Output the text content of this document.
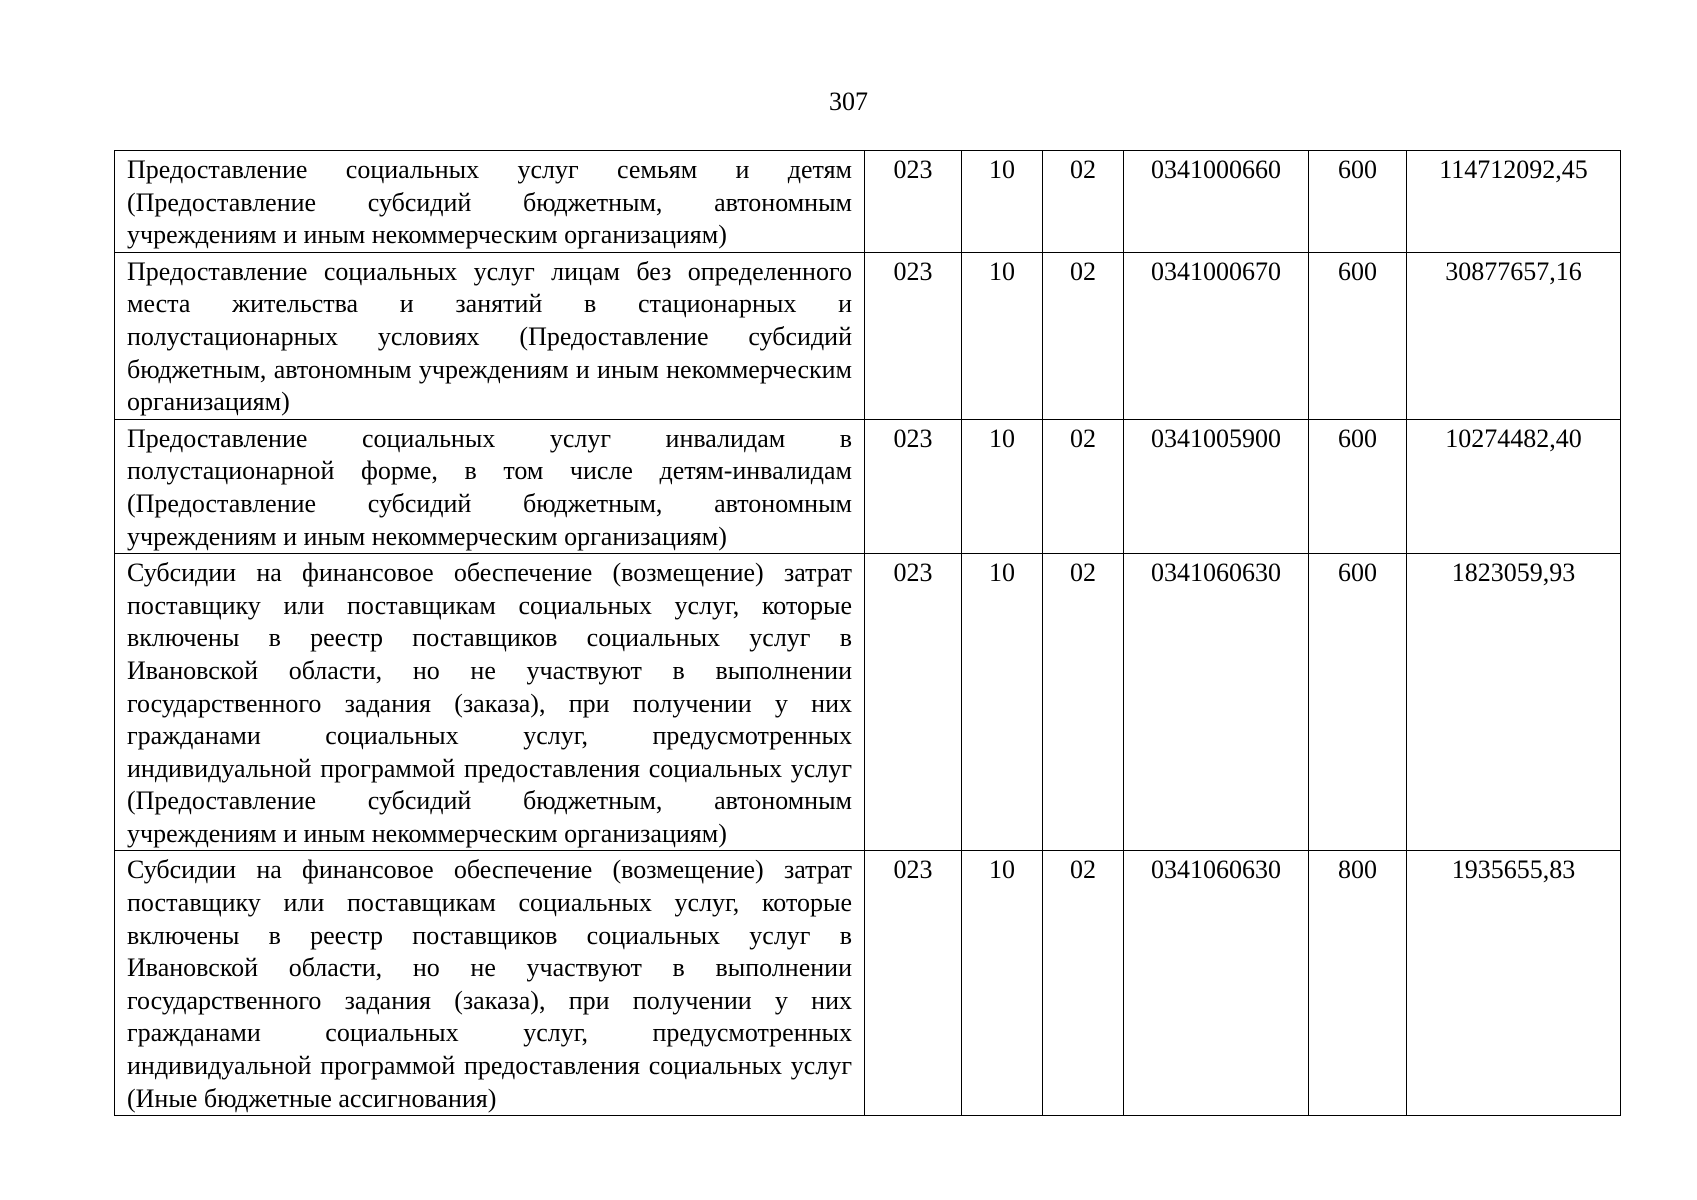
307
Предоставление социальных услуг семьям и детям (Предоставление субсидий бюджетным, автономным учреждениям и иным некоммерческим организациям)	023	10	02	0341000660	600	114712092,45
Предоставление социальных услуг лицам без определенного места жительства и занятий в стационарных и полустационарных условиях (Предоставление субсидий бюджетным, автономным учреждениям и иным некоммерческим организациям)	023	10	02	0341000670	600	30877657,16
Предоставление социальных услуг инвалидам в полустационарной форме, в том числе детям-инвалидам (Предоставление субсидий бюджетным, автономным учреждениям и иным некоммерческим организациям)	023	10	02	0341005900	600	10274482,40
Субсидии на финансовое обеспечение (возмещение) затрат поставщику или поставщикам социальных услуг, которые включены в реестр поставщиков социальных услуг в Ивановской области, но не участвуют в выполнении государственного задания (заказа), при получении у них гражданами социальных услуг, предусмотренных индивидуальной программой предоставления социальных услуг (Предоставление субсидий бюджетным, автономным учреждениям и иным некоммерческим организациям)	023	10	02	0341060630	600	1823059,93
Субсидии на финансовое обеспечение (возмещение) затрат поставщику или поставщикам социальных услуг, которые включены в реестр поставщиков социальных услуг в Ивановской области, но не участвуют в выполнении государственного задания (заказа), при получении у них гражданами социальных услуг, предусмотренных индивидуальной программой предоставления социальных услуг (Иные бюджетные ассигнования)	023	10	02	0341060630	800	1935655,83
